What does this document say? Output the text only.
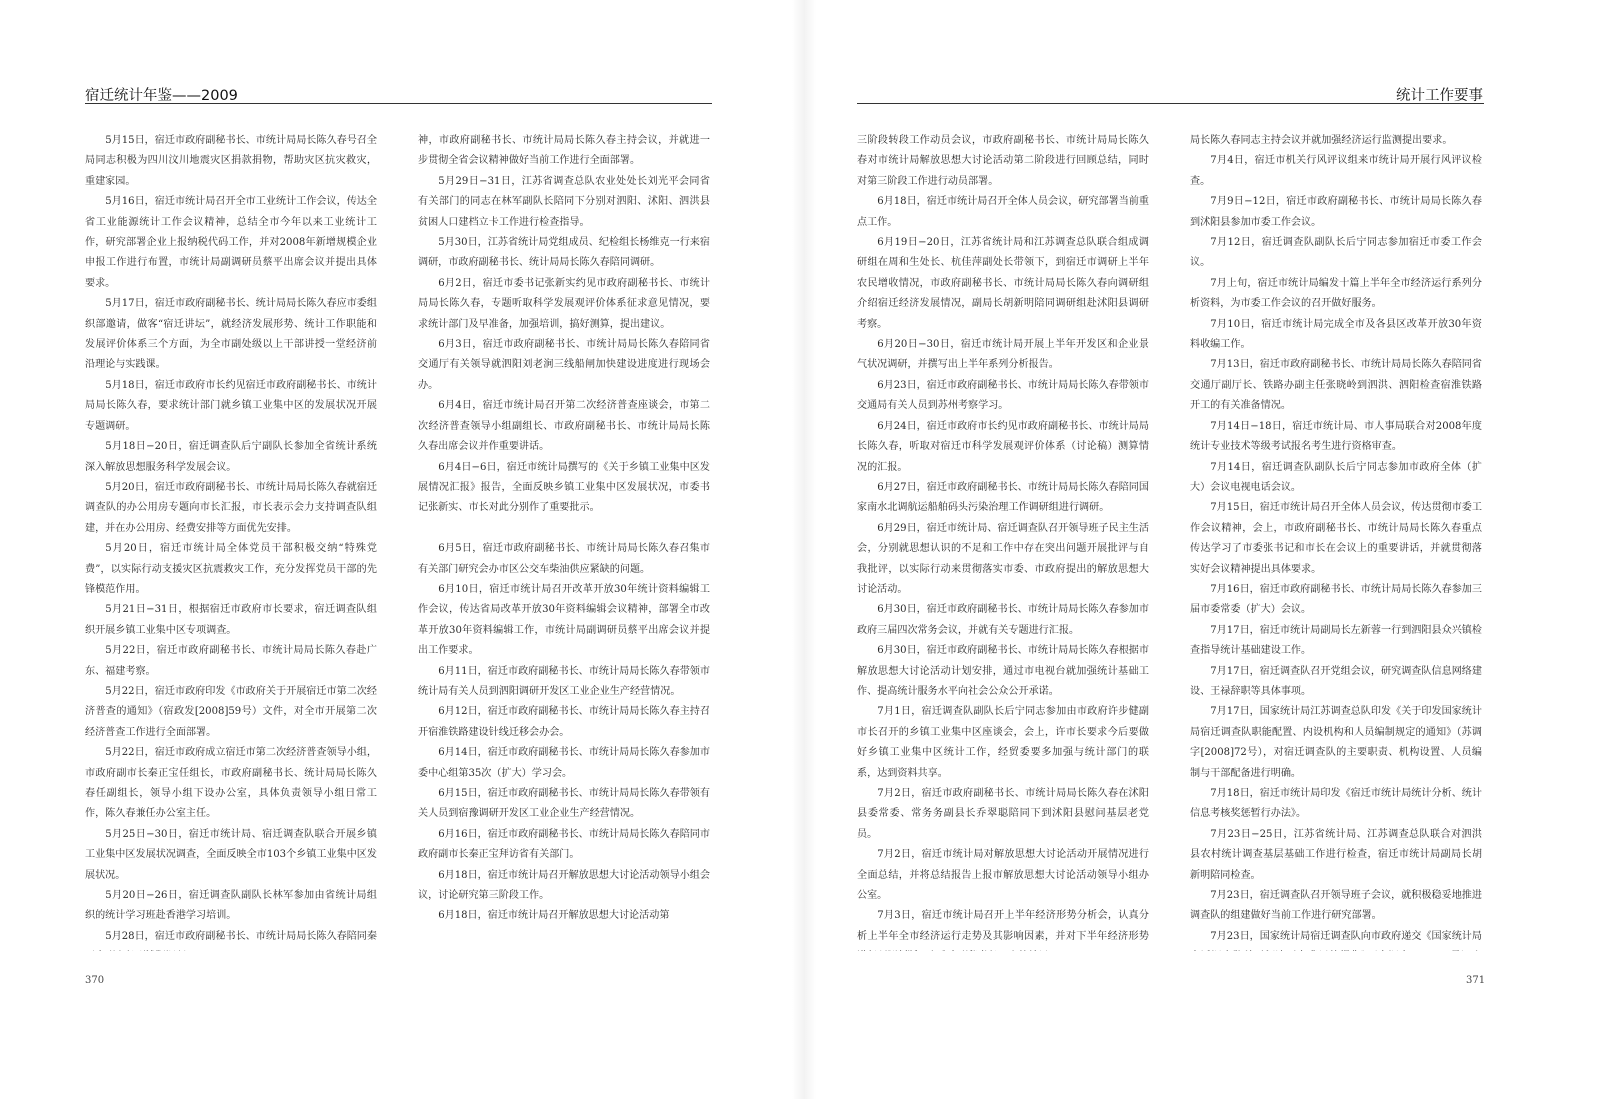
宿迁统计年鉴——2009

5月15日，宿迁市政府副秘书长、市统计局局长陈久春号召全局同志积极为四川汶川地震灾区捐款捐物，帮助灾区抗灾救灾，重建家园。

5月16日，宿迁市统计局召开全市工业统计工作会议，传达全省工业能源统计工作会议精神，总结全市今年以来工业统计工作，研究部署企业上报纳税代码工作，并对2008年新增规模企业申报工作进行布置，市统计局副调研员蔡平出席会议并提出具体要求。

5月17日，宿迁市政府副秘书长、统计局局长陈久春应市委组织部邀请，做客“宿迁讲坛”，就经济发展形势、统计工作职能和发展评价体系三个方面，为全市副处级以上干部讲授一堂经济前沿理论与实践课。

5月18日，宿迁市政府市长约见宿迁市政府副秘书长、市统计局局长陈久春，要求统计部门就乡镇工业集中区的发展状况开展专题调研。

5月18日−20日，宿迁调查队后宁副队长参加全省统计系统深入解放思想服务科学发展会议。

5月20日，宿迁市政府副秘书长、市统计局局长陈久春就宿迁调查队的办公用房专题向市长汇报，市长表示会力支持调查队组建，并在办公用房、经费安排等方面优先安排。

5月20日，宿迁市统计局全体党员干部积极交纳“特殊党费”，以实际行动支援灾区抗震救灾工作，充分发挥党员干部的先锋模范作用。

5月21日−31日，根据宿迁市政府市长要求，宿迁调查队组织开展乡镇工业集中区专项调查。

5月22日，宿迁市政府副秘书长、市统计局局长陈久春赴广东、福建考察。

5月22日，宿迁市政府印发《市政府关于开展宿迁市第二次经济普查的通知》（宿政发[2008]59号）文件，对全市开展第二次经济普查工作进行全面部署。

5月22日，宿迁市政府成立宿迁市第二次经济普查领导小组，市政府副市长秦正宝任组长，市政府副秘书长、统计局局长陈久春任副组长，领导小组下设办公室，具体负责领导小组日常工作，陈久春兼任办公室主任。

5月25日−30日，宿迁市统计局、宿迁调查队联合开展乡镇工业集中区发展状况调查，全面反映全市103个乡镇工业集中区发展状况。

5月20日−26日，宿迁调查队副队长林军参加由省统计局组织的统计学习班赴香港学习培训。

5月28日，宿迁市政府副秘书长、市统计局局长陈久春陪同秦

神，市政府副秘书长、市统计局局长陈久春主持会议，并就进一步贯彻全省会议精神做好当前工作进行全面部署。

5月29日−31日，江苏省调查总队农业处处长刘光平会同省有关部门的同志在林军副队长陪同下分别对泗阳、沭阳、泗洪县贫困人口建档立卡工作进行检查指导。

5月30日，江苏省统计局党组成员、纪检组长杨维克一行来宿调研，市政府副秘书长、统计局局长陈久春陪同调研。

6月2日，宿迁市委书记张新实约见市政府副秘书长、市统计局局长陈久春，专题听取科学发展观评价体系征求意见情况，要求统计部门及早准备，加强培训，搞好测算，提出建议。

6月3日，宿迁市政府副秘书长、市统计局局长陈久春陪同省交通厅有关领导就泗阳刘老涧三线船闸加快建设进度进行现场会办。

6月4日，宿迁市统计局召开第二次经济普查座谈会，市第二次经济普查领导小组副组长、市政府副秘书长、市统计局局长陈久春出席会议并作重要讲话。

6月4日−6日，宿迁市统计局撰写的《关于乡镇工业集中区发展情况汇报》报告，全面反映乡镇工业集中区发展状况，市委书记张新实、市长对此分别作了重要批示。

6月5日，宿迁市政府副秘书长、市统计局局长陈久春召集市有关部门研究会办市区公交车柴油供应紧缺的问题。

6月10日，宿迁市统计局召开改革开放30年统计资料编辑工作会议，传达省局改革开放30年资料编辑会议精神，部署全市改革开放30年资料编辑工作，市统计局副调研员蔡平出席会议并提出工作要求。

6月11日，宿迁市政府副秘书长、市统计局局长陈久春带领市统计局有关人员到泗阳调研开发区工业企业生产经营情况。

6月12日，宿迁市政府副秘书长、市统计局局长陈久春主持召开宿淮铁路建设针线迁移会办会。

6月14日，宿迁市政府副秘书长、市统计局局长陈久春参加市委中心组第35次（扩大）学习会。

6月15日，宿迁市政府副秘书长、市统计局局长陈久春带领有关人员到宿豫调研开发区工业企业生产经营情况。

6月16日，宿迁市政府副秘书长、市统计局局长陈久春陪同市政府副市长秦正宝拜访省有关部门。

6月18日，宿迁市统计局召开解放思想大讨论活动领导小组会议，讨论研究第三阶段工作。

6月18日，宿迁市统计局召开解放思想大讨论活动第

370
统计工作要事

三阶段转段工作动员会议，市政府副秘书长、市统计局局长陈久春对市统计局解放思想大讨论活动第二阶段进行回顾总结，同时对第三阶段工作进行动员部署。

6月18日，宿迁市统计局召开全体人员会议，研究部署当前重点工作。

6月19日−20日，江苏省统计局和江苏调查总队联合组成调研组在周和生处长、杭佳萍副处长带领下，到宿迁市调研上半年农民增收情况，市政府副秘书长、市统计局局长陈久春向调研组介绍宿迁经济发展情况，副局长胡新明陪同调研组赴沭阳县调研考察。

6月20日−30日，宿迁市统计局开展上半年开发区和企业景气状况调研，并撰写出上半年系列分析报告。

6月23日，宿迁市政府副秘书长、市统计局局长陈久春带领市交通局有关人员到苏州考察学习。

6月24日，宿迁市政府市长约见市政府副秘书长、市统计局局长陈久春，听取对宿迁市科学发展观评价体系（讨论稿）测算情况的汇报。

6月27日，宿迁市政府副秘书长、市统计局局长陈久春陪同国家南水北调航运船舶码头污染治理工作调研组进行调研。

6月29日，宿迁市统计局、宿迁调查队召开领导班子民主生活会，分别就思想认识的不足和工作中存在突出问题开展批评与自我批评，以实际行动来贯彻落实市委、市政府提出的解放思想大讨论活动。

6月30日，宿迁市政府副秘书长、市统计局局长陈久春参加市政府三届四次常务会议，并就有关专题进行汇报。

6月30日，宿迁市政府副秘书长、市统计局局长陈久春根据市解放思想大讨论活动计划安排，通过市电视台就加强统计基础工作、提高统计服务水平向社会公众公开承诺。

7月1日，宿迁调查队副队长后宁同志参加由市政府许步健副市长召开的乡镇工业集中区座谈会，会上，许市长要求今后要做好乡镇工业集中区统计工作，经贸委要多加强与统计部门的联系，达到资料共享。

7月2日，宿迁市政府副秘书长、市统计局局长陈久春在沭阳县委常委、常务务副县长乔翠聪陪同下到沭阳县慰问基层老党员。

7月2日，宿迁市统计局对解放思想大讨论活动开展情况进行全面总结，并将总结报告上报市解放思想大讨论活动领导小组办公室。

7月3日，宿迁市统计局召开上半年经济形势分析会，认真分析上半年全市经济运行走势及其影响因素，并对下半年经济形势

局长陈久春同志主持会议并就加强经济运行监测提出要求。

7月4日，宿迁市机关行风评议组来市统计局开展行风评议检查。

7月9日−12日，宿迁市政府副秘书长、市统计局局长陈久春到沭阳县参加市委工作会议。

7月12日，宿迁调查队副队长后宁同志参加宿迁市委工作会议。

7月上旬，宿迁市统计局编发十篇上半年全市经济运行系列分析资料，为市委工作会议的召开做好服务。

7月10日，宿迁市统计局完成全市及各县区改革开放30年资料收编工作。

7月13日，宿迁市政府副秘书长、市统计局局长陈久春陪同省交通厅副厅长、铁路办副主任张晓岭到泗洪、泗阳检查宿淮铁路开工的有关准备情况。

7月14日−18日，宿迁市统计局、市人事局联合对2008年度统计专业技术等级考试报名考生进行资格审查。

7月14日，宿迁调查队副队长后宁同志参加市政府全体（扩大）会议电视电话会议。

7月15日，宿迁市统计局召开全体人员会议，传达贯彻市委工作会议精神，会上，市政府副秘书长、市统计局局长陈久春重点传达学习了市委张书记和市长在会议上的重要讲话，并就贯彻落实好会议精神提出具体要求。

7月16日，宿迁市政府副秘书长、市统计局局长陈久春参加三届市委常委（扩大）会议。

7月17日，宿迁市统计局副局长左新蓉一行到泗阳县众兴镇检查指导统计基础建设工作。

7月17日，宿迁调查队召开党组会议，研究调查队信息网络建设、王禄辞职等具体事项。

7月17日，国家统计局江苏调查总队印发《关于印发国家统计局宿迁调查队职能配置、内设机构和人员编制规定的通知》（苏调字[2008]72号），对宿迁调查队的主要职责、机构设置、人员编制与干部配备进行明确。

7月18日，宿迁市统计局印发《宿迁市统计局统计分析、统计信息考核奖惩暂行办法》。

7月23日−25日，江苏省统计局、江苏调查总队联合对泗洪县农村统计调查基层基础工作进行检查，宿迁市统计局副局长胡新明陪同检查。

7月23日，宿迁调查队召开领导班子会议，就积极稳妥地推进调查队的组建做好当前工作进行研究部署。

7月23日，国家统计局宿迁调查队向市政府递交《国家统计局

371
